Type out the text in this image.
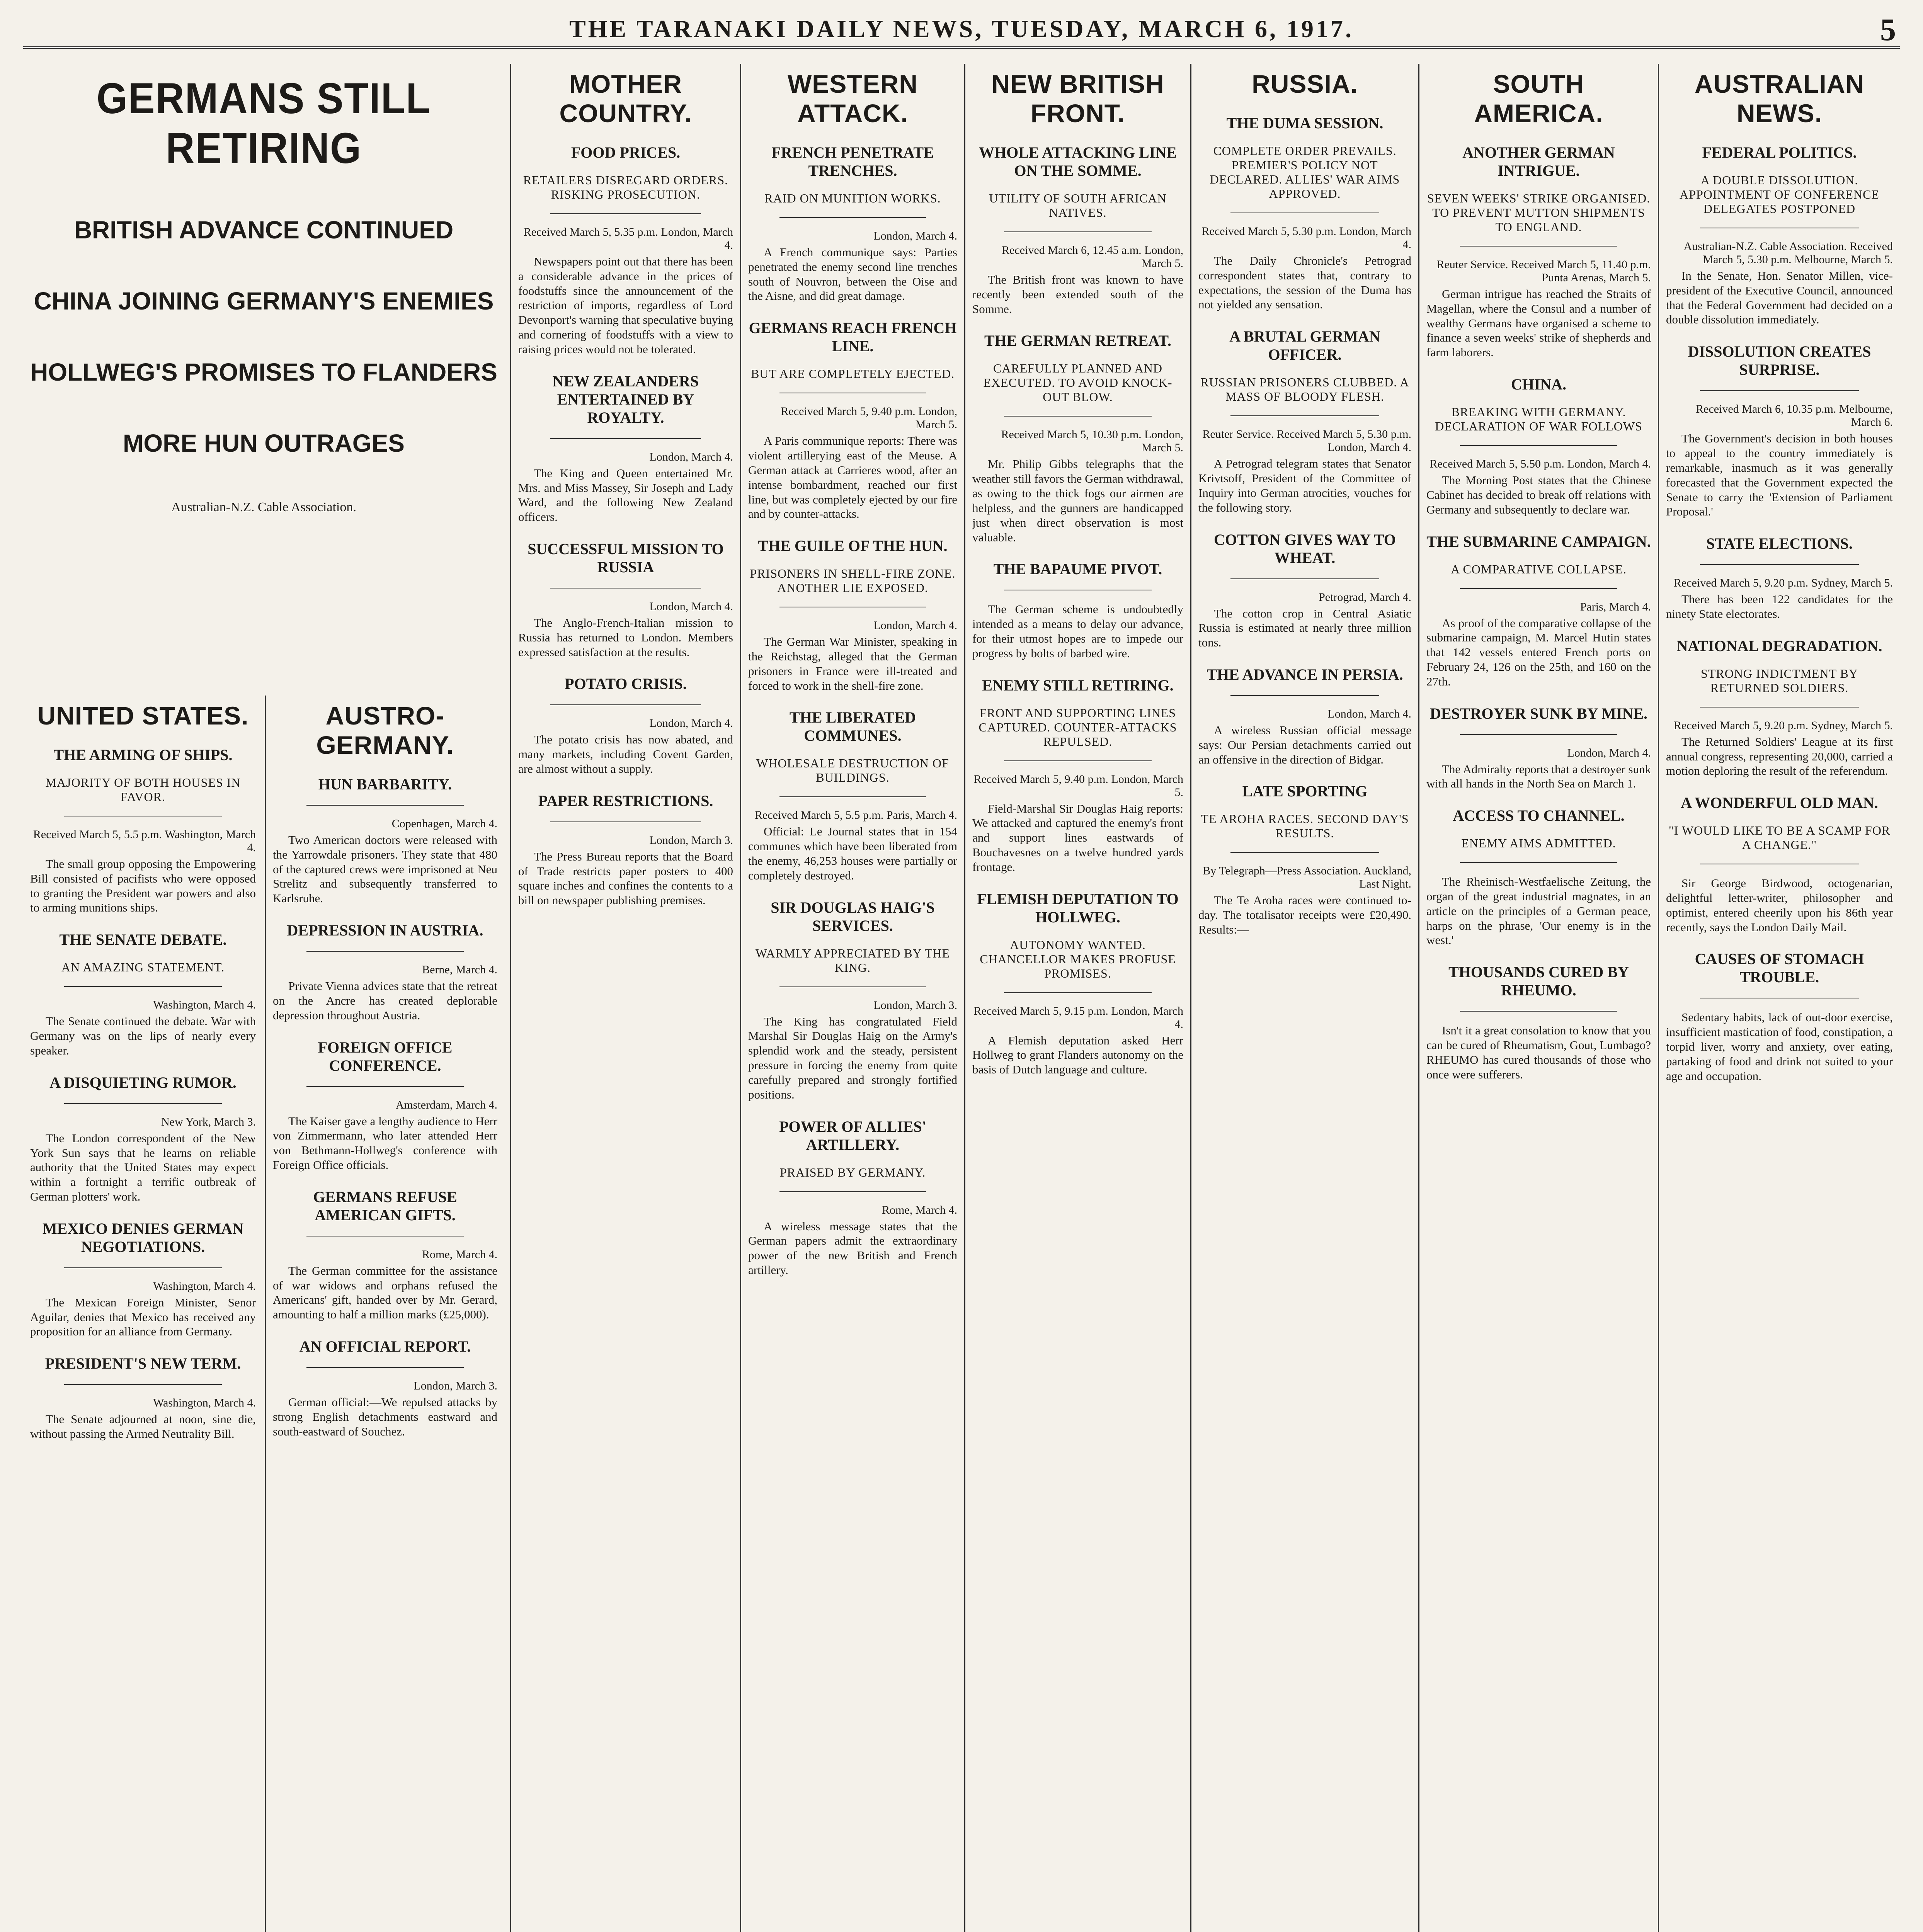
THE TARANAKI DAILY NEWS, TUESDAY, MARCH 6, 1917.	5
GERMANS STILL RETIRING
BRITISH ADVANCE CONTINUED
CHINA JOINING GERMANY'S ENEMIES
HOLLWEG'S PROMISES TO FLANDERS
MORE HUN OUTRAGES
Australian-N.Z. Cable Association.
UNITED STATES.
THE ARMING OF SHIPS.
MAJORITY OF BOTH HOUSES IN FAVOR.
Received March 5, 5.5 p.m. Washington, March 4.

The small group opposing the Empowering Bill consisted of pacifists who were opposed to granting the President war powers and also to arming munitions ships.

THE SENATE DEBATE.
AN AMAZING STATEMENT.
Washington, March 4.

The Senate continued the debate. War with Germany was on the lips of nearly every speaker.

A DISQUIETING RUMOR.
New York, March 3.

The London correspondent of the New York Sun says that he learns on reliable authority that the United States may expect within a fortnight a terrific outbreak of German plotters' work.

MEXICO DENIES GERMAN NEGOTIATIONS.
Washington, March 4.

The Mexican Foreign Minister, Senor Aguilar, denies that Mexico has received any proposition for an alliance from Germany.

PRESIDENT'S NEW TERM.
Washington, March 4.

The Senate adjourned at noon, sine die, without passing the Armed Neutrality Bill.

AUSTRO-GERMANY.
HUN BARBARITY.
Copenhagen, March 4.

Two American doctors were released with the Yarrowdale prisoners. They state that 480 of the captured crews were imprisoned at Neu Strelitz and subsequently transferred to Karlsruhe.

DEPRESSION IN AUSTRIA.
Berne, March 4.

Private Vienna advices state that the retreat on the Ancre has created deplorable depression throughout Austria.

FOREIGN OFFICE CONFERENCE.
Amsterdam, March 4.

The Kaiser gave a lengthy audience to Herr von Zimmermann, who later attended Herr von Bethmann-Hollweg's conference with Foreign Office officials.

GERMANS REFUSE AMERICAN GIFTS.
Rome, March 4.

The German committee for the assistance of war widows and orphans refused the Americans' gift, handed over by Mr. Gerard, amounting to half a million marks (£25,000).

AN OFFICIAL REPORT.
London, March 3.

German official:—We repulsed attacks by strong English detachments eastward and south-eastward of Souchez.

MOTHER COUNTRY.
FOOD PRICES.
RETAILERS DISREGARD ORDERS. RISKING PROSECUTION.
Received March 5, 5.35 p.m. London, March 4.

Newspapers point out that there has been a considerable advance in the prices of foodstuffs since the announcement of the restriction of imports, regardless of Lord Devonport's warning that speculative buying and cornering of foodstuffs with a view to raising prices would not be tolerated.

NEW ZEALANDERS ENTERTAINED BY ROYALTY.
London, March 4.

The King and Queen entertained Mr. Mrs. and Miss Massey, Sir Joseph and Lady Ward, and the following New Zealand officers.

SUCCESSFUL MISSION TO RUSSIA
London, March 4.

The Anglo-French-Italian mission to Russia has returned to London. Members expressed satisfaction at the results.

POTATO CRISIS.
London, March 4.

The potato crisis has now abated, and many markets, including Covent Garden, are almost without a supply.

PAPER RESTRICTIONS.
London, March 3.

The Press Bureau reports that the Board of Trade restricts paper posters to 400 square inches and confines the contents to a bill on newspaper publishing premises.

WESTERN ATTACK.
FRENCH PENETRATE TRENCHES.
RAID ON MUNITION WORKS.
London, March 4.

A French communique says: Parties penetrated the enemy second line trenches south of Nouvron, between the Oise and the Aisne, and did great damage.

GERMANS REACH FRENCH LINE.
BUT ARE COMPLETELY EJECTED.
Received March 5, 9.40 p.m. London, March 5.

A Paris communique reports: There was violent artillerying east of the Meuse. A German attack at Carrieres wood, after an intense bombardment, reached our first line, but was completely ejected by our fire and by counter-attacks.

THE GUILE OF THE HUN.
PRISONERS IN SHELL-FIRE ZONE. ANOTHER LIE EXPOSED.
London, March 4.

The German War Minister, speaking in the Reichstag, alleged that the German prisoners in France were ill-treated and forced to work in the shell-fire zone.

THE LIBERATED COMMUNES.
WHOLESALE DESTRUCTION OF BUILDINGS.
Received March 5, 5.5 p.m. Paris, March 4.

Official: Le Journal states that in 154 communes which have been liberated from the enemy, 46,253 houses were partially or completely destroyed.

SIR DOUGLAS HAIG'S SERVICES.
WARMLY APPRECIATED BY THE KING.
London, March 3.

The King has congratulated Field Marshal Sir Douglas Haig on the Army's splendid work and the steady, persistent pressure in forcing the enemy from quite carefully prepared and strongly fortified positions.

POWER OF ALLIES' ARTILLERY.
PRAISED BY GERMANY.
Rome, March 4.

A wireless message states that the German papers admit the extraordinary power of the new British and French artillery.

NEW BRITISH FRONT.
WHOLE ATTACKING LINE ON THE SOMME.
UTILITY OF SOUTH AFRICAN NATIVES.
Received March 6, 12.45 a.m. London, March 5.

The British front was known to have recently been extended south of the Somme.

THE GERMAN RETREAT.
CAREFULLY PLANNED AND EXECUTED. TO AVOID KNOCK-OUT BLOW.
Received March 5, 10.30 p.m. London, March 5.

Mr. Philip Gibbs telegraphs that the weather still favors the German withdrawal, as owing to the thick fogs our airmen are helpless, and the gunners are handicapped just when direct observation is most valuable.

THE BAPAUME PIVOT.

The German scheme is undoubtedly intended as a means to delay our advance, for their utmost hopes are to impede our progress by bolts of barbed wire.

ENEMY STILL RETIRING.
FRONT AND SUPPORTING LINES CAPTURED. COUNTER-ATTACKS REPULSED.
Received March 5, 9.40 p.m. London, March 5.

Field-Marshal Sir Douglas Haig reports: We attacked and captured the enemy's front and support lines eastwards of Bouchavesnes on a twelve hundred yards frontage.

FLEMISH DEPUTATION TO HOLLWEG.
AUTONOMY WANTED. CHANCELLOR MAKES PROFUSE PROMISES.
Received March 5, 9.15 p.m. London, March 4.

A Flemish deputation asked Herr Hollweg to grant Flanders autonomy on the basis of Dutch language and culture.

RUSSIA.
THE DUMA SESSION.
COMPLETE ORDER PREVAILS. PREMIER'S POLICY NOT DECLARED. ALLIES' WAR AIMS APPROVED.
Received March 5, 5.30 p.m. London, March 4.

The Daily Chronicle's Petrograd correspondent states that, contrary to expectations, the session of the Duma has not yielded any sensation.

A BRUTAL GERMAN OFFICER.
RUSSIAN PRISONERS CLUBBED. A MASS OF BLOODY FLESH.
Reuter Service. Received March 5, 5.30 p.m. London, March 4.

A Petrograd telegram states that Senator Krivtsoff, President of the Committee of Inquiry into German atrocities, vouches for the following story.

COTTON GIVES WAY TO WHEAT.
Petrograd, March 4.

The cotton crop in Central Asiatic Russia is estimated at nearly three million tons.

THE ADVANCE IN PERSIA.
London, March 4.

A wireless Russian official message says: Our Persian detachments carried out an offensive in the direction of Bidgar.

LATE SPORTING
TE AROHA RACES. SECOND DAY'S RESULTS.
By Telegraph—Press Association. Auckland, Last Night.

The Te Aroha races were continued to-day. The totalisator receipts were £20,490. Results:—

SOUTH AMERICA.
ANOTHER GERMAN INTRIGUE.
SEVEN WEEKS' STRIKE ORGANISED. TO PREVENT MUTTON SHIPMENTS TO ENGLAND.
Reuter Service. Received March 5, 11.40 p.m. Punta Arenas, March 5.

German intrigue has reached the Straits of Magellan, where the Consul and a number of wealthy Germans have organised a scheme to finance a seven weeks' strike of shepherds and farm laborers.

CHINA.
BREAKING WITH GERMANY. DECLARATION OF WAR FOLLOWS
Received March 5, 5.50 p.m. London, March 4.

The Morning Post states that the Chinese Cabinet has decided to break off relations with Germany and subsequently to declare war.

THE SUBMARINE CAMPAIGN.
A COMPARATIVE COLLAPSE.
Paris, March 4.

As proof of the comparative collapse of the submarine campaign, M. Marcel Hutin states that 142 vessels entered French ports on February 24, 126 on the 25th, and 160 on the 27th.

DESTROYER SUNK BY MINE.
London, March 4.

The Admiralty reports that a destroyer sunk with all hands in the North Sea on March 1.

ACCESS TO CHANNEL.
ENEMY AIMS ADMITTED.

The Rheinisch-Westfaelische Zeitung, the organ of the great industrial magnates, in an article on the principles of a German peace, harps on the phrase, 'Our enemy is in the west.'

THOUSANDS CURED BY RHEUMO.

Isn't it a great consolation to know that you can be cured of Rheumatism, Gout, Lumbago? RHEUMO has cured thousands of those who once were sufferers.

AUSTRALIAN NEWS.
FEDERAL POLITICS.
A DOUBLE DISSOLUTION. APPOINTMENT OF CONFERENCE DELEGATES POSTPONED
Australian-N.Z. Cable Association. Received March 5, 5.30 p.m. Melbourne, March 5.

In the Senate, Hon. Senator Millen, vice-president of the Executive Council, announced that the Federal Government had decided on a double dissolution immediately.

DISSOLUTION CREATES SURPRISE.
Received March 6, 10.35 p.m. Melbourne, March 6.

The Government's decision in both houses to appeal to the country immediately is remarkable, inasmuch as it was generally forecasted that the Government expected the Senate to carry the 'Extension of Parliament Proposal.'

STATE ELECTIONS.
Received March 5, 9.20 p.m. Sydney, March 5.

There has been 122 candidates for the ninety State electorates.

NATIONAL DEGRADATION.
STRONG INDICTMENT BY RETURNED SOLDIERS.
Received March 5, 9.20 p.m. Sydney, March 5.

The Returned Soldiers' League at its first annual congress, representing 20,000, carried a motion deploring the result of the referendum.

A WONDERFUL OLD MAN.
"I WOULD LIKE TO BE A SCAMP FOR A CHANGE."

Sir George Birdwood, octogenarian, delightful letter-writer, philosopher and optimist, entered cheerily upon his 86th year recently, says the London Daily Mail.

CAUSES OF STOMACH TROUBLE.

Sedentary habits, lack of out-door exercise, insufficient mastication of food, constipation, a torpid liver, worry and anxiety, over eating, partaking of food and drink not suited to your age and occupation.
